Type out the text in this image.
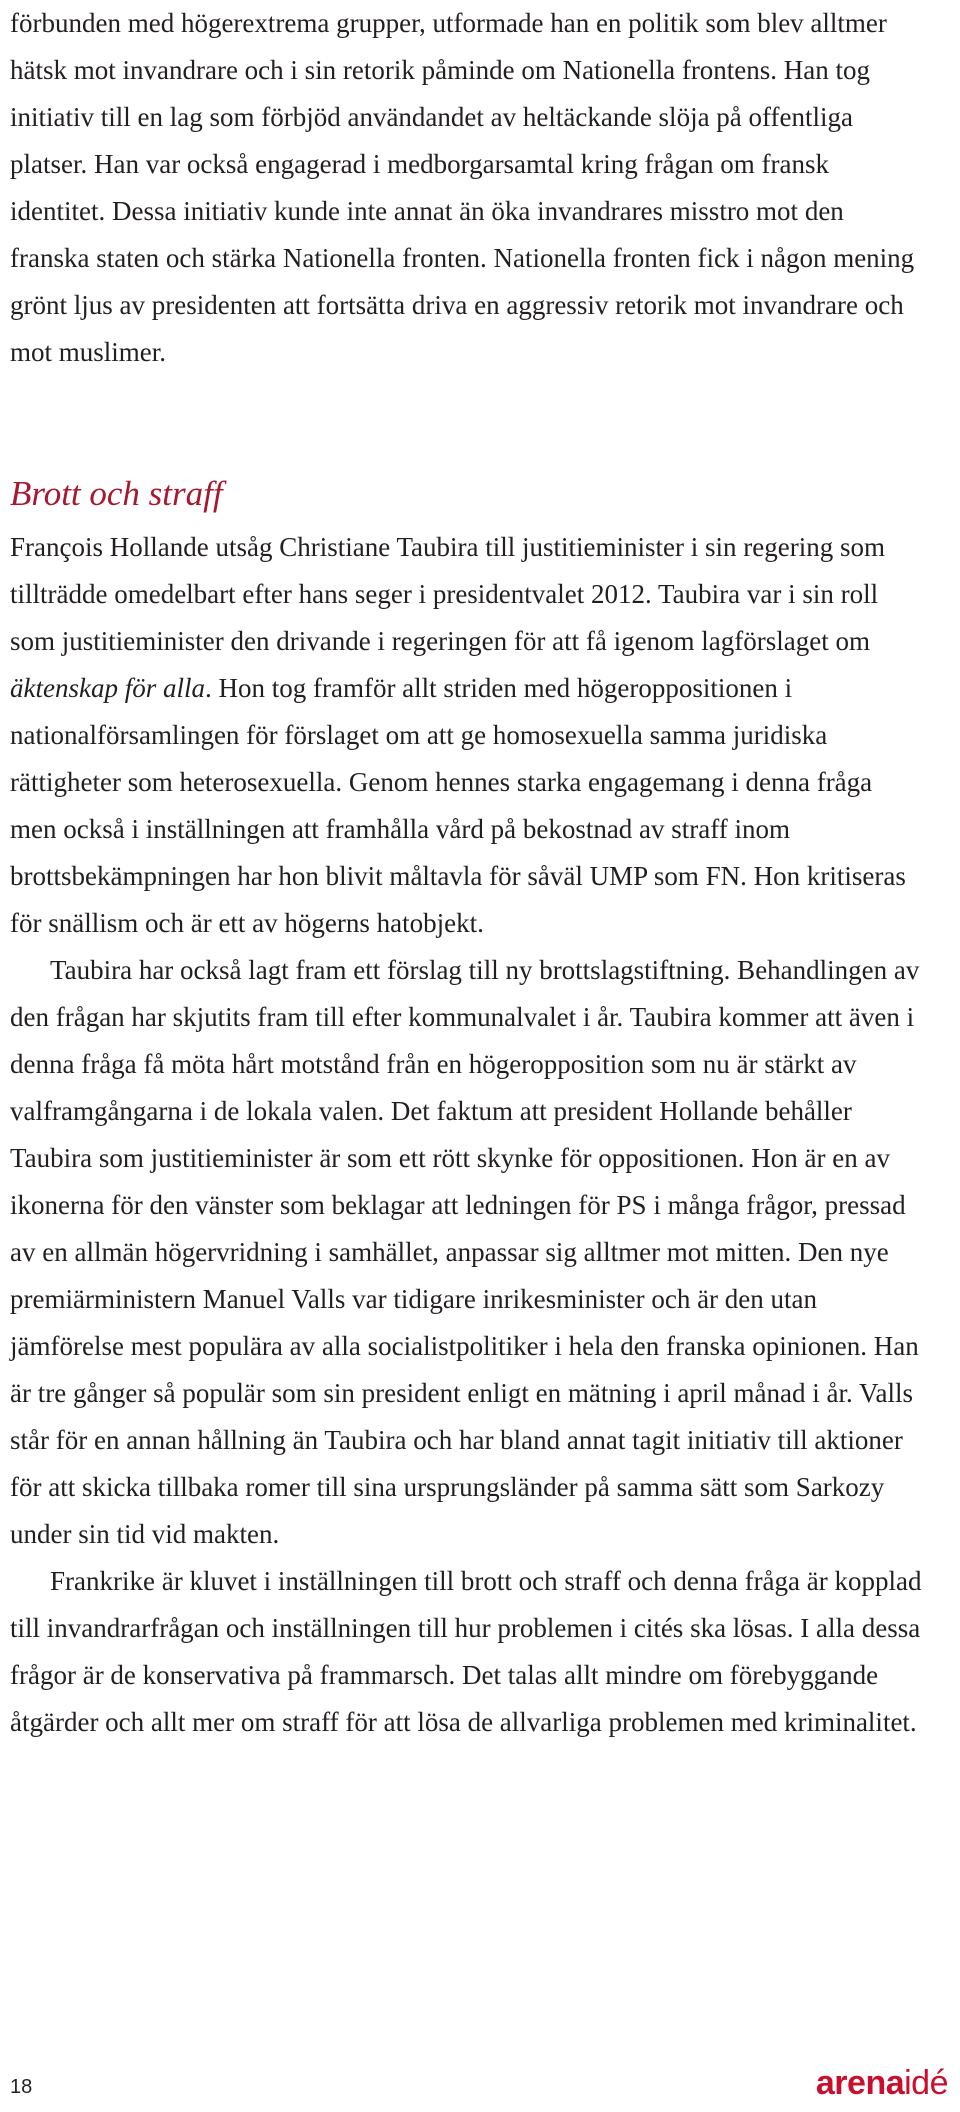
förbunden med högerextrema grupper, utformade han en politik som blev alltmer hätsk mot invandrare och i sin retorik påminde om Nationella frontens. Han tog initiativ till en lag som förbjöd användandet av heltäckande slöja på offentliga platser. Han var också engagerad i medborgarsamtal kring frågan om fransk identitet. Dessa initiativ kunde inte annat än öka invandrares misstro mot den franska staten och stärka Nationella fronten. Nationella fronten fick i någon mening grönt ljus av presidenten att fortsätta driva en aggressiv retorik mot invandrare och mot muslimer.

Brott och straff

François Hollande utsåg Christiane Taubira till justitieminister i sin regering som tillträdde omedelbart efter hans seger i presidentvalet 2012. Taubira var i sin roll som justitieminister den drivande i regeringen för att få igenom lagförslaget om äktenskap för alla. Hon tog framför allt striden med högeroppositionen i nationalförsamlingen för förslaget om att ge homosexuella samma juridiska rättigheter som heterosexuella. Genom hennes starka engagemang i denna fråga men också i inställningen att framhålla vård på bekostnad av straff inom brottsbekämpningen har hon blivit måltavla för såväl UMP som FN. Hon kritiseras för snällism och är ett av högerns hatobjekt.

Taubira har också lagt fram ett förslag till ny brottslagstiftning. Behandlingen av den frågan har skjutits fram till efter kommunalvalet i år. Taubira kommer att även i denna fråga få möta hårt motstånd från en högeropposition som nu är stärkt av valframgångarna i de lokala valen. Det faktum att president Hollande behåller Taubira som justitieminister är som ett rött skynke för oppositionen. Hon är en av ikonerna för den vänster som beklagar att ledningen för PS i många frågor, pressad av en allmän högervridning i samhället, anpassar sig alltmer mot mitten. Den nye premiärministern Manuel Valls var tidigare inrikesminister och är den utan jämförelse mest populära av alla socialistpolitiker i hela den franska opinionen. Han är tre gånger så populär som sin president enligt en mätning i april månad i år. Valls står för en annan hållning än Taubira och har bland annat tagit initiativ till aktioner för att skicka tillbaka romer till sina ursprungsländer på samma sätt som Sarkozy under sin tid vid makten.

Frankrike är kluvet i inställningen till brott och straff och denna fråga är kopplad till invandrarfrågan och inställningen till hur problemen i cités ska lösas. I alla dessa frågor är de konservativa på frammarsch. Det talas allt mindre om förebyggande åtgärder och allt mer om straff för att lösa de allvarliga problemen med kriminalitet.

18	arenaidé
